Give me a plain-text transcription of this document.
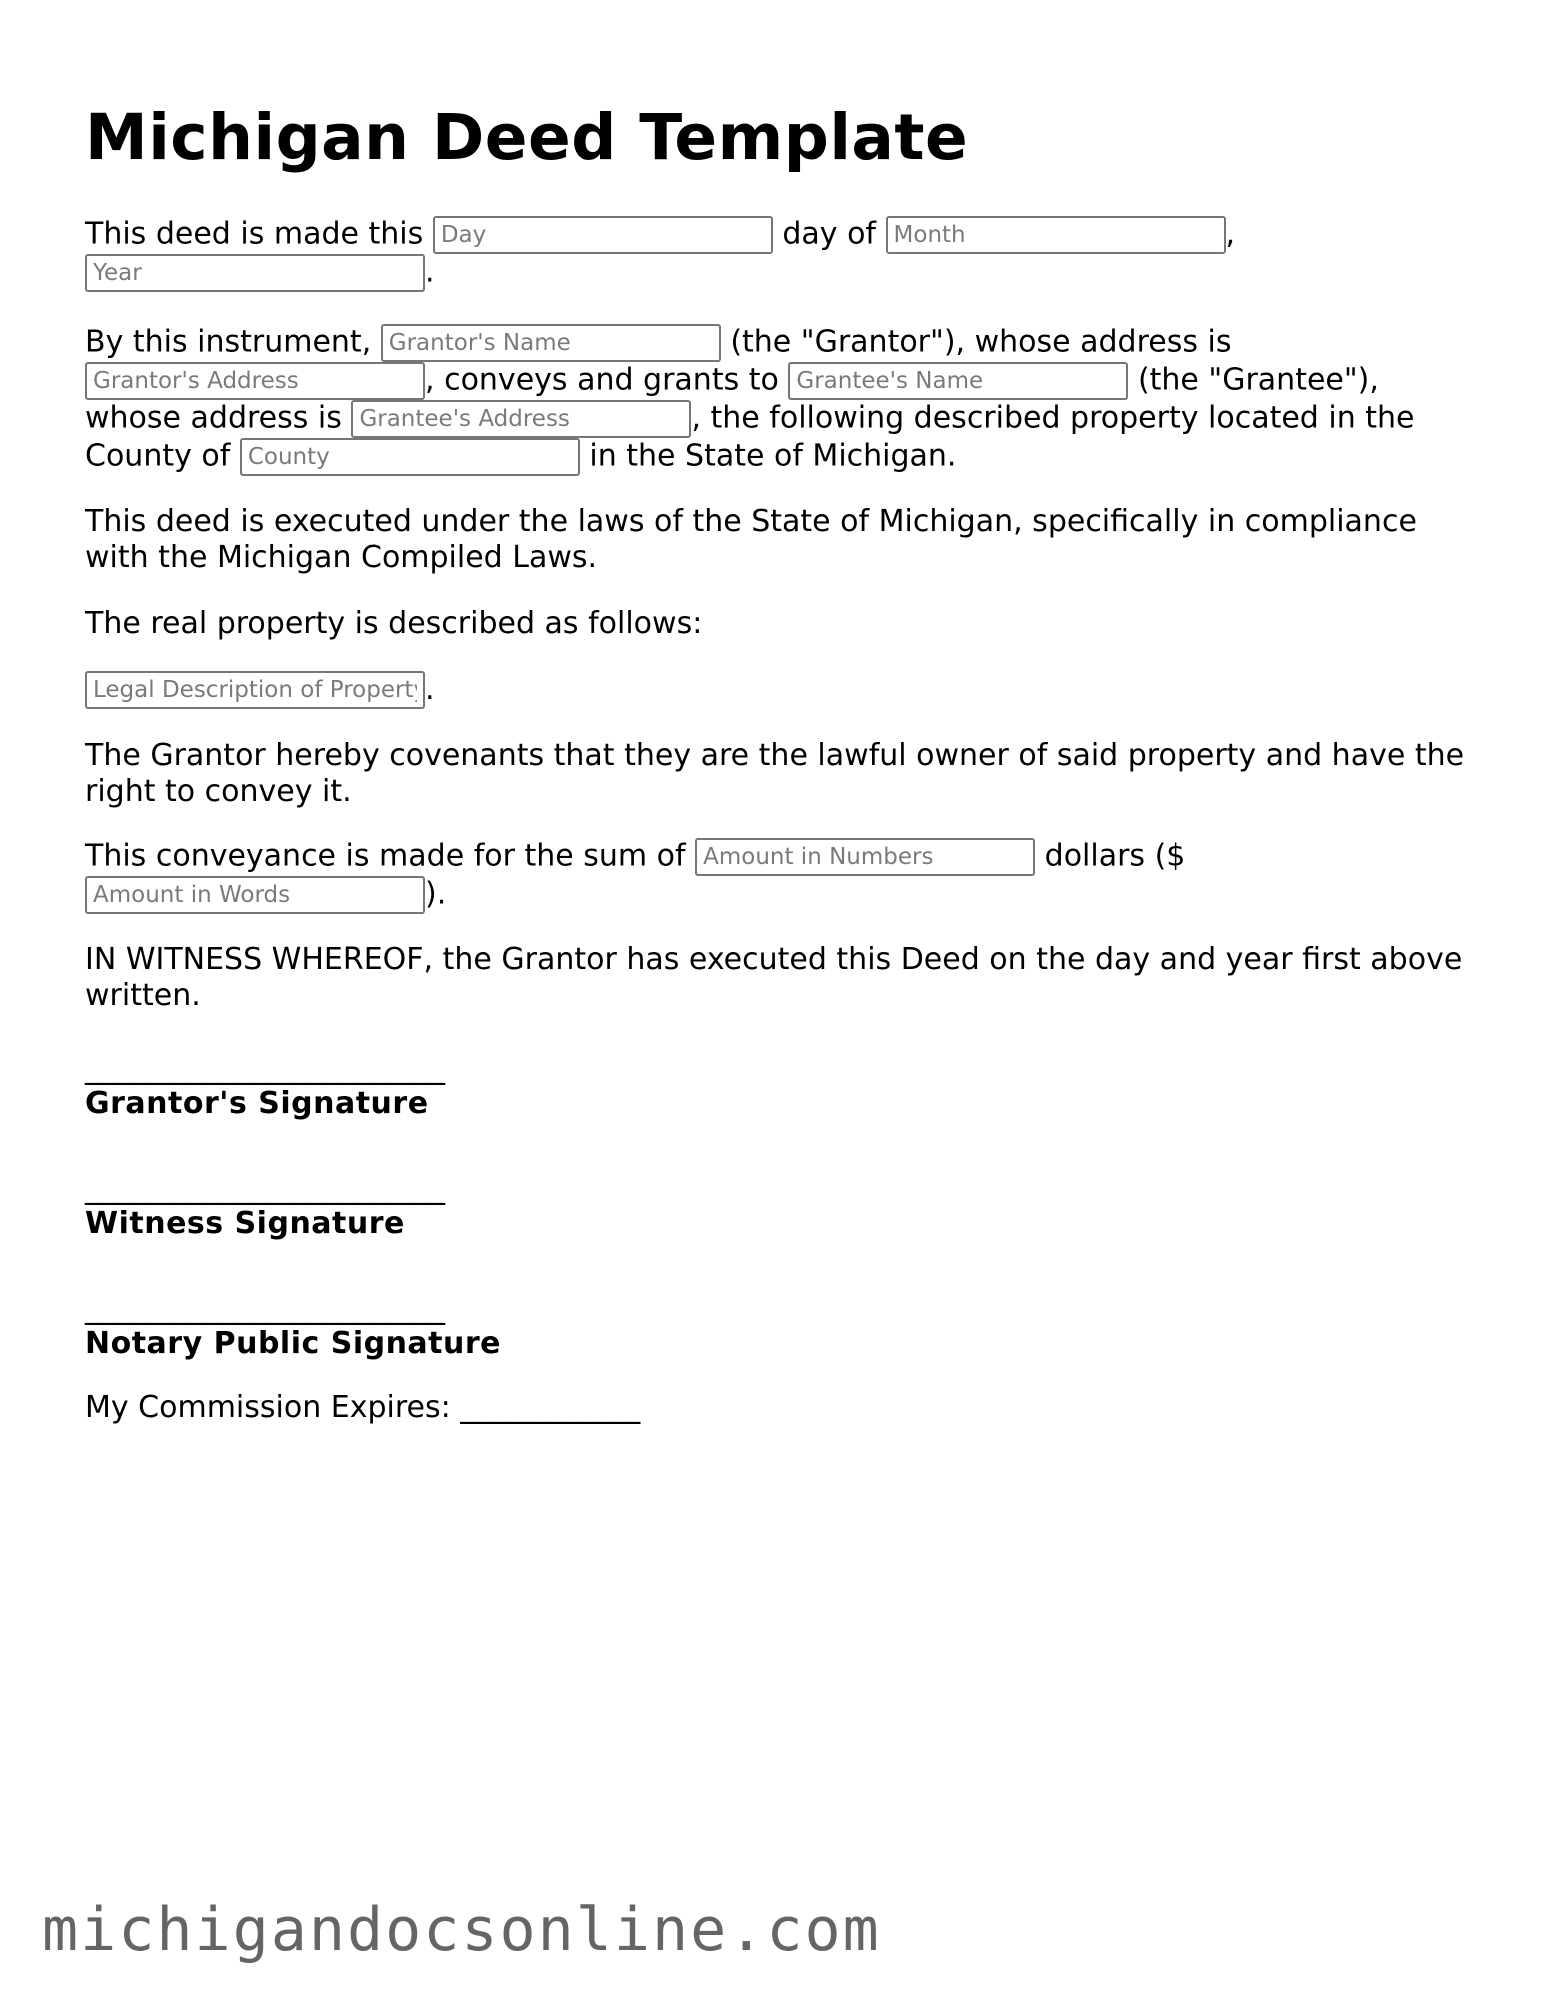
Michigan Deed Template

This deed is made this Day	day of Month	,
Year.

By this instrument, Grantor's Name	(the "Grantor"), whose address is
Grantor's Address, conveys and grants to Grantee's Name	(the "Grantee"),
whose address is Grantee's Address	, the following described property located in the
County of County	in the State of Michigan.

This deed is executed under the laws of the State of Michigan, specifically in compliance with the Michigan Compiled Laws.

The real property is described as follows:

Legal Description of Property.

The Grantor hereby covenants that they are the lawful owner of said property and have the right to convey it.

This conveyance is made for the sum of Amount in Numbers	dollars ($
Amount in Words).

IN WITNESS WHEREOF, the Grantor has executed this Deed on the day and year first above written.

________________________
Grantor's Signature
________________________
Witness Signature
________________________
Notary Public Signature

My Commission Expires: ____________

michigandocsonline.com
